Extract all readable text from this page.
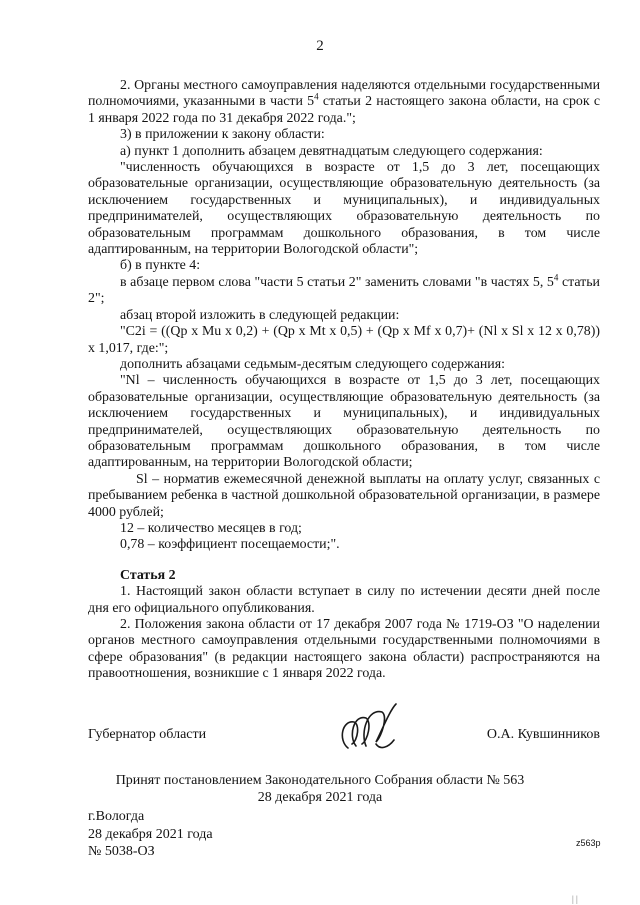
2

2. Органы местного самоуправления наделяются отдельными государственными полномочиями, указанными в части $5^4$ статьи 2 настоящего закона области, на срок с 1 января 2022 года по 31 декабря 2022 года.";

3) в приложении к закону области:

а) пункт 1 дополнить абзацем девятнадцатым следующего содержания:

"численность обучающихся в возрасте от 1,5 до 3 лет, посещающих образовательные организации, осуществляющие образовательную деятельность (за исключением государственных и муниципальных), и индивидуальных предпринимателей, осуществляющих образовательную деятельность по образовательным программам дошкольного образования, в том числе адаптированным, на территории Вологодской области";

б) в пункте 4:

в абзаце первом слова "части 5 статьи 2" заменить словами "в частях 5, $5^4$ статьи 2";

абзац второй изложить в следующей редакции:

"C2i = ((Qp x Mu x 0,2) + (Qp x Mt x 0,5) + (Qp x Mf x 0,7)+ (Nl x Sl x 12 x 0,78)) x 1,017, где:";

дополнить абзацами седьмым-десятым следующего содержания:

"Nl – численность обучающихся в возрасте от 1,5 до 3 лет, посещающих образовательные организации, осуществляющие образовательную деятельность (за исключением государственных и муниципальных), и индивидуальных предпринимателей, осуществляющих образовательную деятельность по образовательным программам дошкольного образования, в том числе адаптированным, на территории Вологодской области;

Sl – норматив ежемесячной денежной выплаты на оплату услуг, связанных с пребыванием ребенка в частной дошкольной образовательной организации, в размере 4000 рублей;

12 – количество месяцев в год;

0,78 – коэффициент посещаемости;".

Статья 2

1. Настоящий закон области вступает в силу по истечении десяти дней после дня его официального опубликования.

2. Положения закона области от 17 декабря 2007 года № 1719-ОЗ "О наделении органов местного самоуправления отдельными государственными полномочиями в сфере образования" (в редакции настоящего закона области) распространяются на правоотношения, возникшие с 1 января 2022 года.

Губернатор области	О.А. Кувшинников
Принят постановлением Законодательного Собрания области № 563
28 декабря 2021 года
г.Вологда
28 декабря 2021 года
№ 5038-ОЗ
z563p
| |
